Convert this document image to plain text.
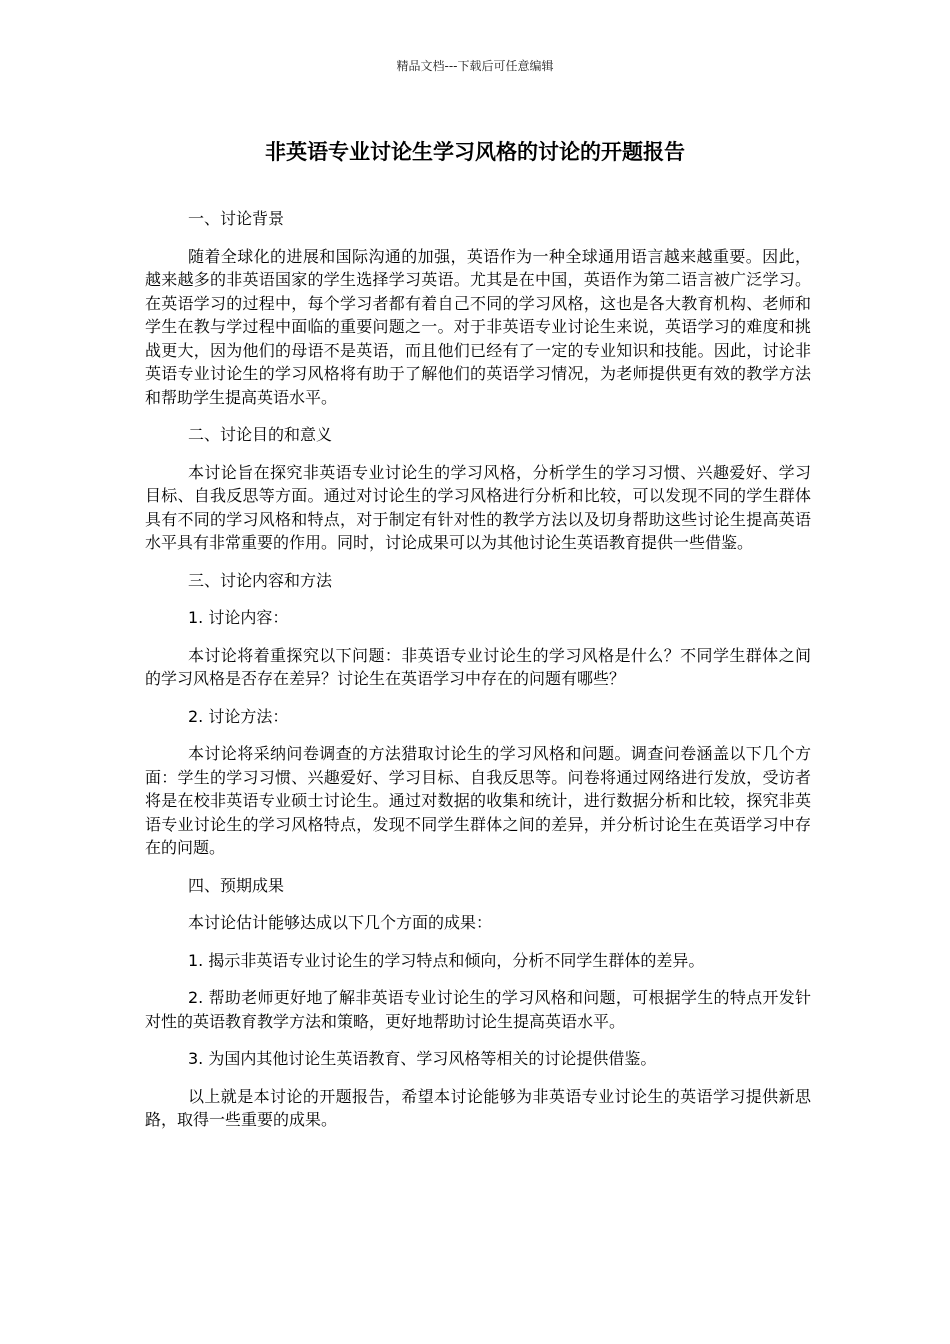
精品文档---下载后可任意编辑
非英语专业讨论生学习风格的讨论的开题报告

一、讨论背景

随着全球化的进展和国际沟通的加强，英语作为一种全球通用语言越来越重要。因此，越来越多的非英语国家的学生选择学习英语。尤其是在中国，英语作为第二语言被广泛学习。在英语学习的过程中，每个学习者都有着自己不同的学习风格，这也是各大教育机构、老师和学生在教与学过程中面临的重要问题之一。对于非英语专业讨论生来说，英语学习的难度和挑战更大，因为他们的母语不是英语，而且他们已经有了一定的专业知识和技能。因此，讨论非英语专业讨论生的学习风格将有助于了解他们的英语学习情况，为老师提供更有效的教学方法和帮助学生提高英语水平。

二、讨论目的和意义

本讨论旨在探究非英语专业讨论生的学习风格，分析学生的学习习惯、兴趣爱好、学习目标、自我反思等方面。通过对讨论生的学习风格进行分析和比较，可以发现不同的学生群体具有不同的学习风格和特点，对于制定有针对性的教学方法以及切身帮助这些讨论生提高英语水平具有非常重要的作用。同时，讨论成果可以为其他讨论生英语教育提供一些借鉴。

三、讨论内容和方法

1. 讨论内容：

本讨论将着重探究以下问题：非英语专业讨论生的学习风格是什么？不同学生群体之间的学习风格是否存在差异？讨论生在英语学习中存在的问题有哪些？

2. 讨论方法：

本讨论将采纳问卷调查的方法猎取讨论生的学习风格和问题。调查问卷涵盖以下几个方面：学生的学习习惯、兴趣爱好、学习目标、自我反思等。问卷将通过网络进行发放，受访者将是在校非英语专业硕士讨论生。通过对数据的收集和统计，进行数据分析和比较，探究非英语专业讨论生的学习风格特点，发现不同学生群体之间的差异，并分析讨论生在英语学习中存在的问题。

四、预期成果

本讨论估计能够达成以下几个方面的成果：

1. 揭示非英语专业讨论生的学习特点和倾向，分析不同学生群体的差异。

2. 帮助老师更好地了解非英语专业讨论生的学习风格和问题，可根据学生的特点开发针对性的英语教育教学方法和策略，更好地帮助讨论生提高英语水平。

3. 为国内其他讨论生英语教育、学习风格等相关的讨论提供借鉴。

以上就是本讨论的开题报告，希望本讨论能够为非英语专业讨论生的英语学习提供新思路，取得一些重要的成果。
